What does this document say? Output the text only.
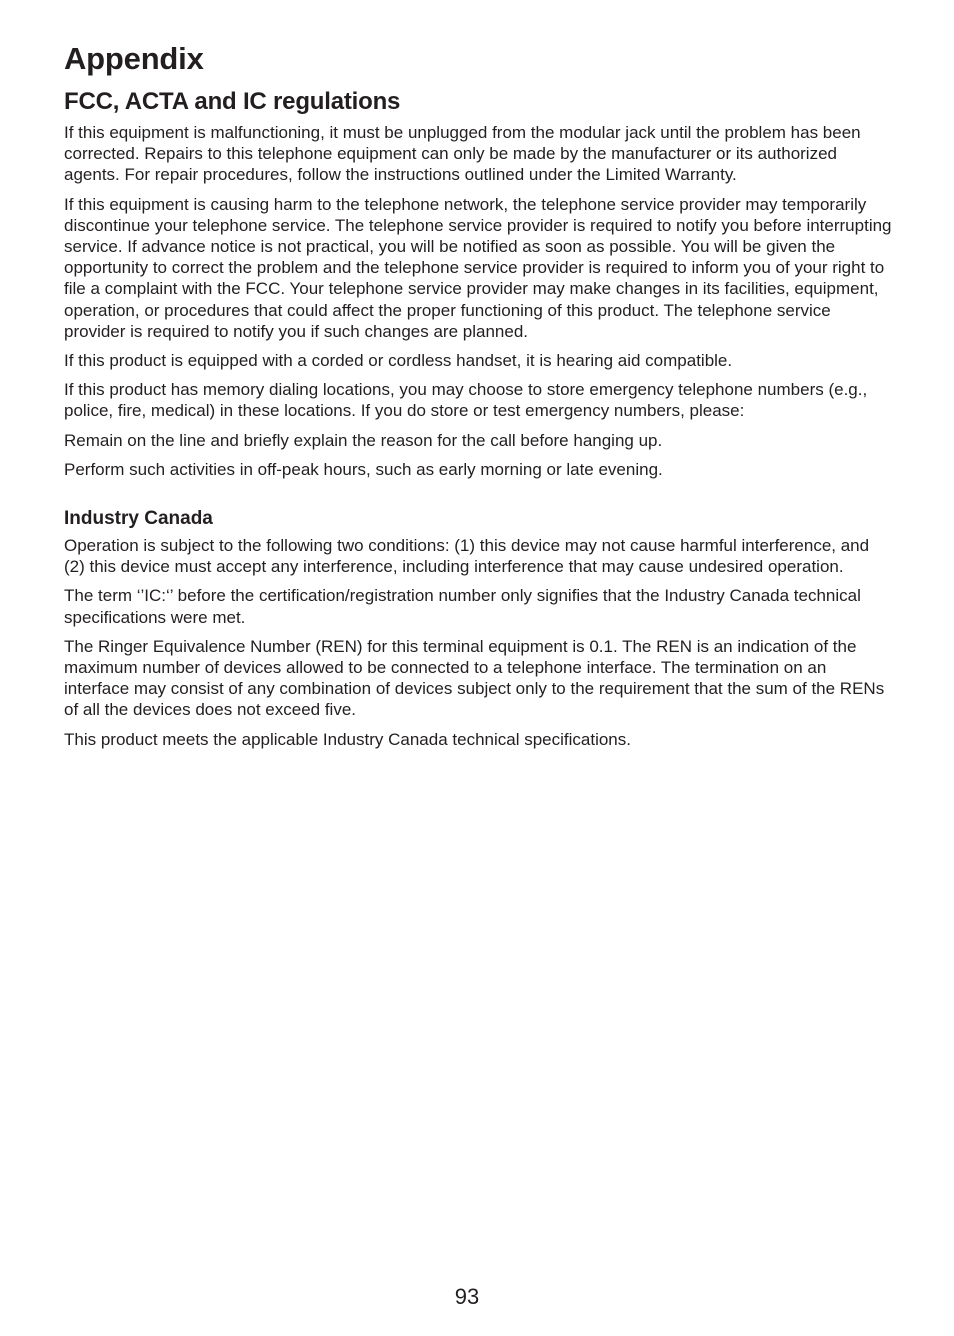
Appendix
FCC, ACTA and IC regulations

If this equipment is malfunctioning, it must be unplugged from the modular jack until the problem has been corrected. Repairs to this telephone equipment can only be made by the manufacturer or its authorized agents. For repair procedures, follow the instructions outlined under the Limited Warranty.

If this equipment is causing harm to the telephone network, the telephone service provider may temporarily discontinue your telephone service. The telephone service provider is required to notify you before interrupting service. If advance notice is not practical, you will be notified as soon as possible. You will be given the opportunity to correct the problem and the telephone service provider is required to inform you of your right to file a complaint with the FCC. Your telephone service provider may make changes in its facilities, equipment, operation, or procedures that could affect the proper functioning of this product. The telephone service provider is required to notify you if such changes are planned.

If this product is equipped with a corded or cordless handset, it is hearing aid compatible.

If this product has memory dialing locations, you may choose to store emergency telephone numbers (e.g., police, fire, medical) in these locations. If you do store or test emergency numbers, please:

Remain on the line and briefly explain the reason for the call before hanging up.

Perform such activities in off-peak hours, such as early morning or late evening.

Industry Canada

Operation is subject to the following two conditions: (1) this device may not cause harmful interference, and (2) this device must accept any interference, including interference that may cause undesired operation.

The term ‘’IC:‘’ before the certification/registration number only signifies that the Industry Canada technical specifications were met.

The Ringer Equivalence Number (REN) for this terminal equipment is 0.1. The REN is an indication of the maximum number of devices allowed to be connected to a telephone interface. The termination on an interface may consist of any combination of devices subject only to the requirement that the sum of the RENs of all the devices does not exceed five.

This product meets the applicable Industry Canada technical specifications.

93
